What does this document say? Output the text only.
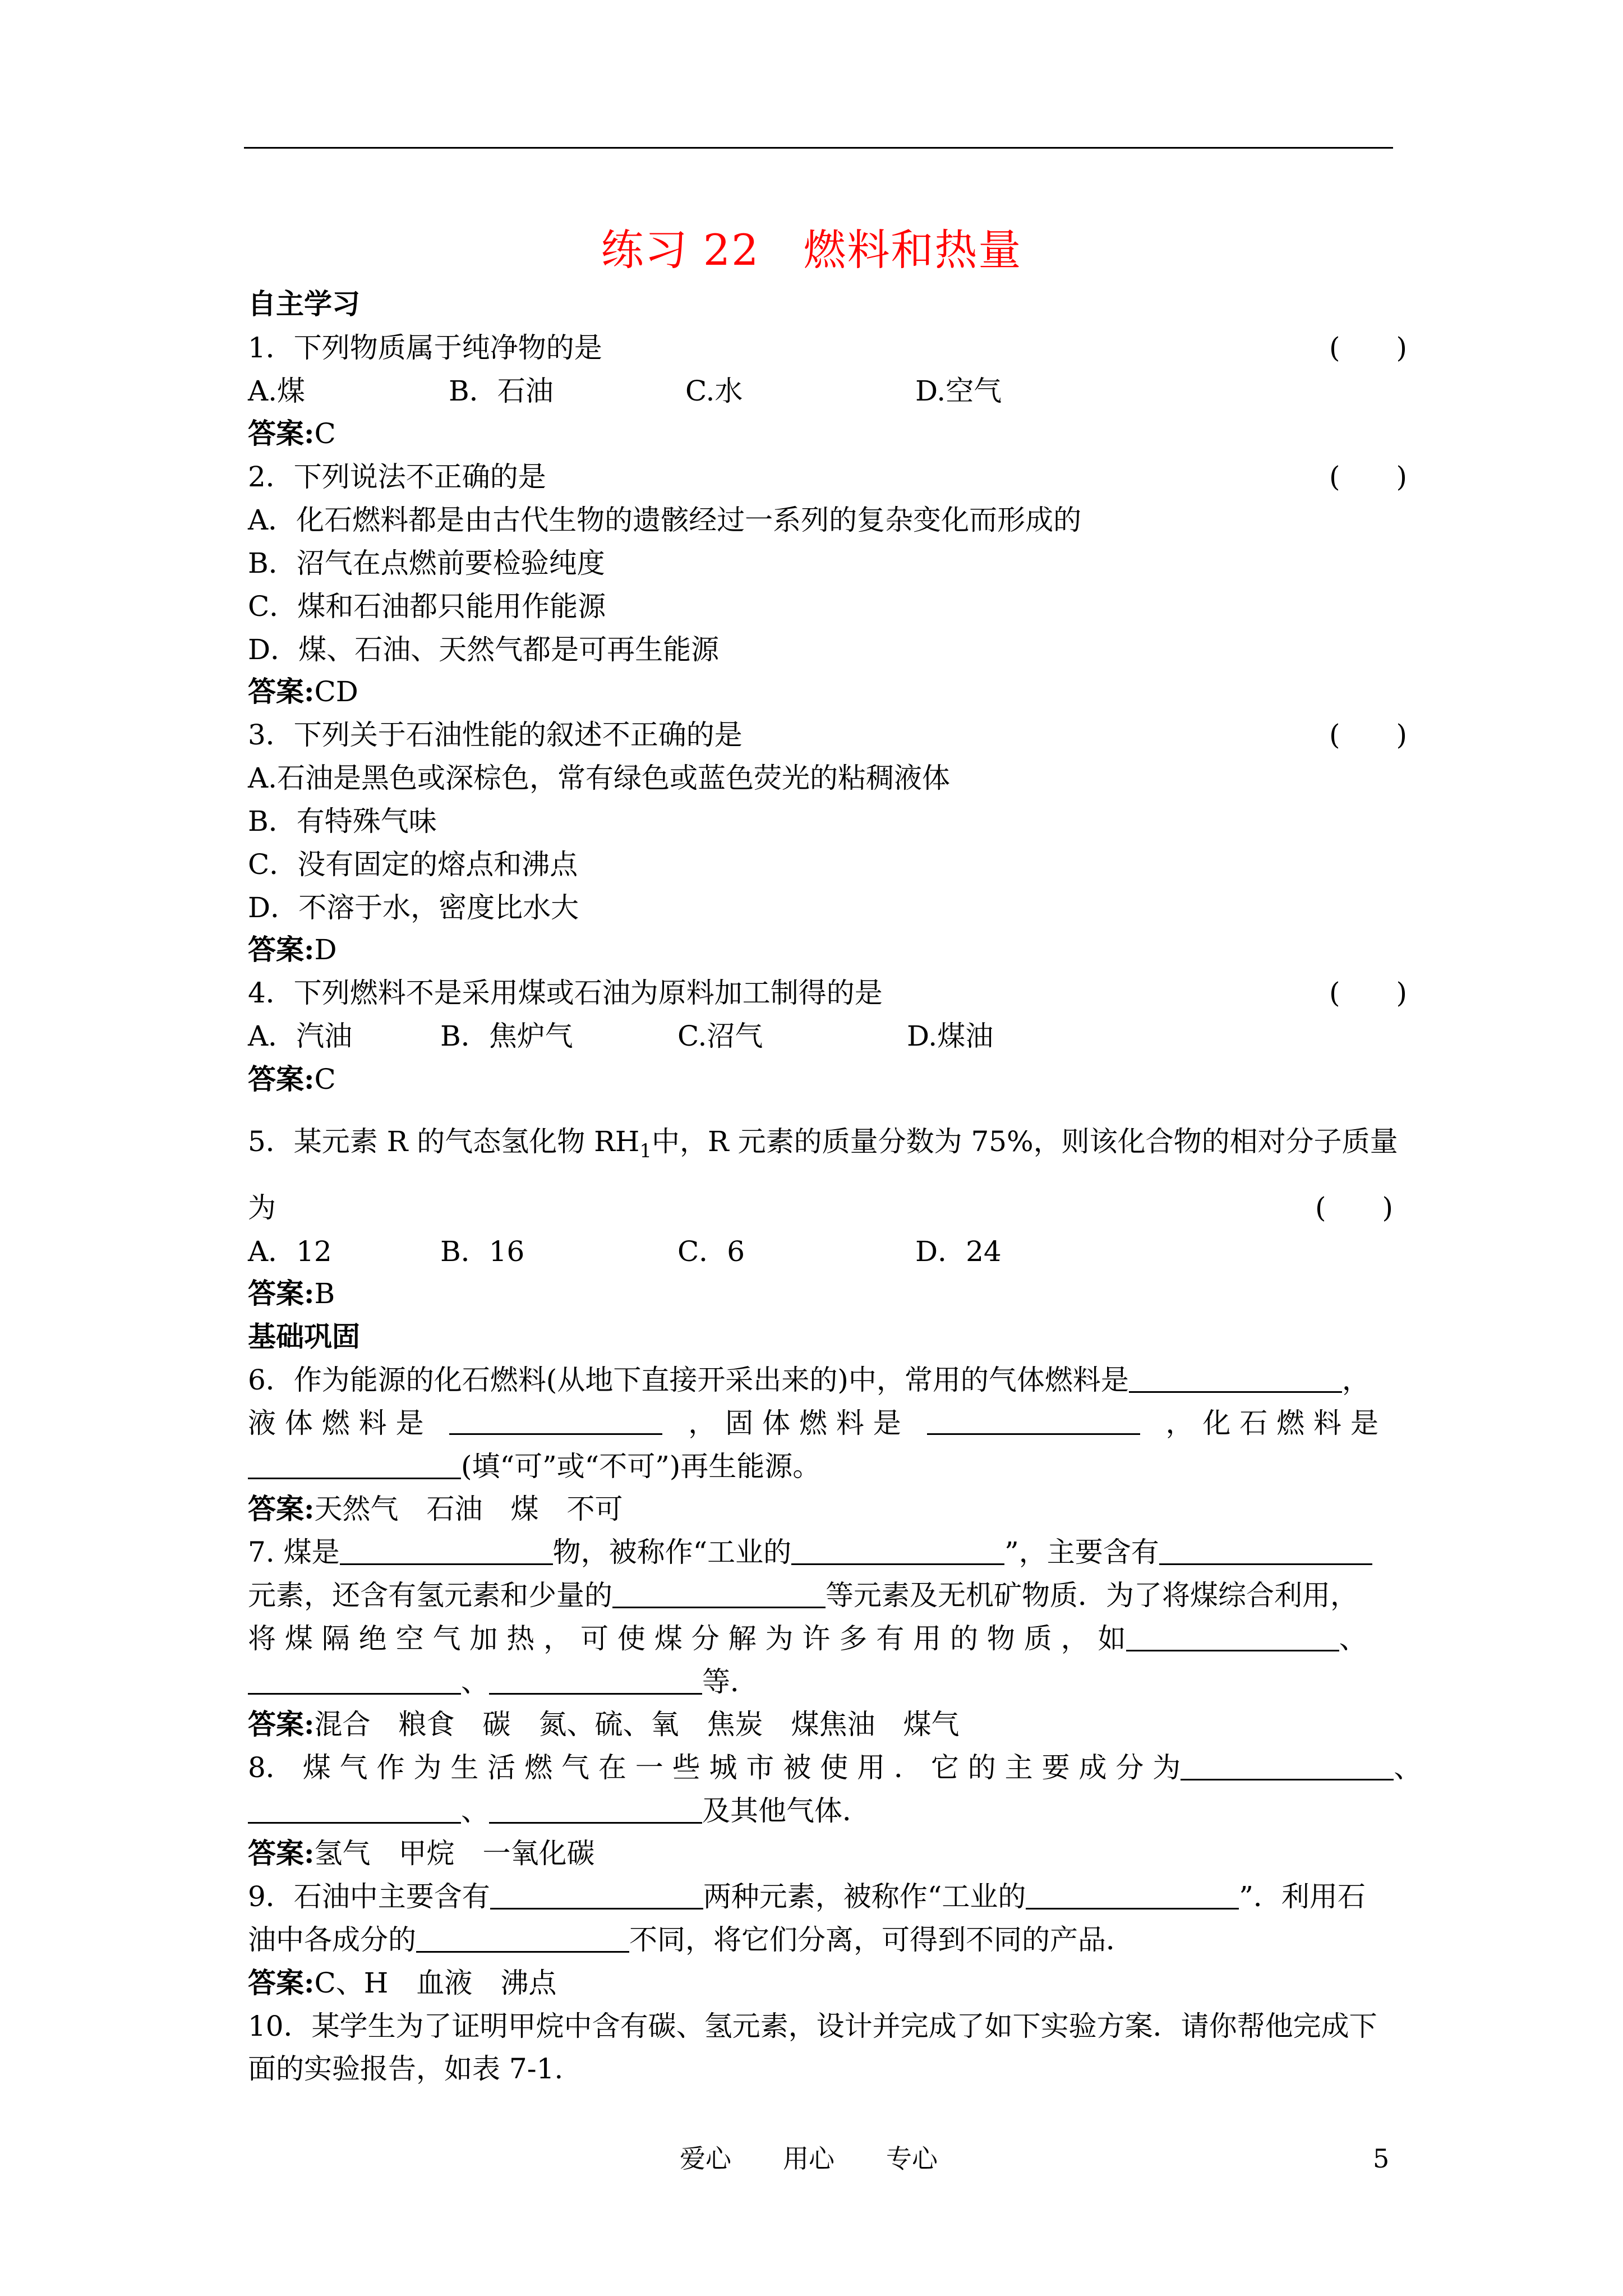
练习 22　燃料和热量
自主学习
1．下列物质属于纯净物的是	(　　)
A.煤	B．石油	C.水	D.空气
答案:C
2．下列说法不正确的是	(　　)
A．化石燃料都是由古代生物的遗骸经过一系列的复杂变化而形成的
B．沼气在点燃前要检验纯度
C．煤和石油都只能用作能源
D．煤、石油、天然气都是可再生能源
答案:CD
3．下列关于石油性能的叙述不正确的是	(　　)
A.石油是黑色或深棕色，常有绿色或蓝色荧光的粘稠液体
B．有特殊气味
C．没有固定的熔点和沸点
D．不溶于水，密度比水大
答案:D
4．下列燃料不是采用煤或石油为原料加工制得的是	(　　)
A．汽油	B．焦炉气	C.沼气	D.煤油
答案:C
5．某元素 R 的气态氢化物 $RH_1$中，R 元素的质量分数为 75%，则该化合物的相对分子质量
为	(　　)
A．12	B．16	C．6	D．24
答案:B
基础巩固
6．作为能源的化石燃料(从地下直接开采出来的)中，常用的气体燃料是	，
液 体 燃 料 是	， 固 体 燃 料 是	， 化 石 燃 料 是
(填“可”或“不可”)再生能源。
答案:天然气　石油　煤　不可
7. 煤是	物，被称作“工业的	”，主要含有
元素，还含有氢元素和少量的	等元素及无机矿物质．为了将煤综合利用，
将 煤 隔 绝 空 气 加 热 ， 可 使 煤 分 解 为 许 多 有 用 的 物 质 ， 如	、
、	等．
答案:混合　粮食　碳　氮、硫、氧　焦炭　煤焦油　煤气
8． 煤 气 作 为 生 活 燃 气 在 一 些 城 市 被 使 用 ． 它 的 主 要 成 分 为	、
、	及其他气体．
答案:氢气　甲烷　一氧化碳
9．石油中主要含有	两种元素，被称作“工业的	”．利用石
油中各成分的	不同，将它们分离，可得到不同的产品．
答案:C、H　血液　沸点
10．某学生为了证明甲烷中含有碳、氢元素，设计并完成了如下实验方案．请你帮他完成下
面的实验报告，如表 7-1.
爱心　　用心　　专心	5
